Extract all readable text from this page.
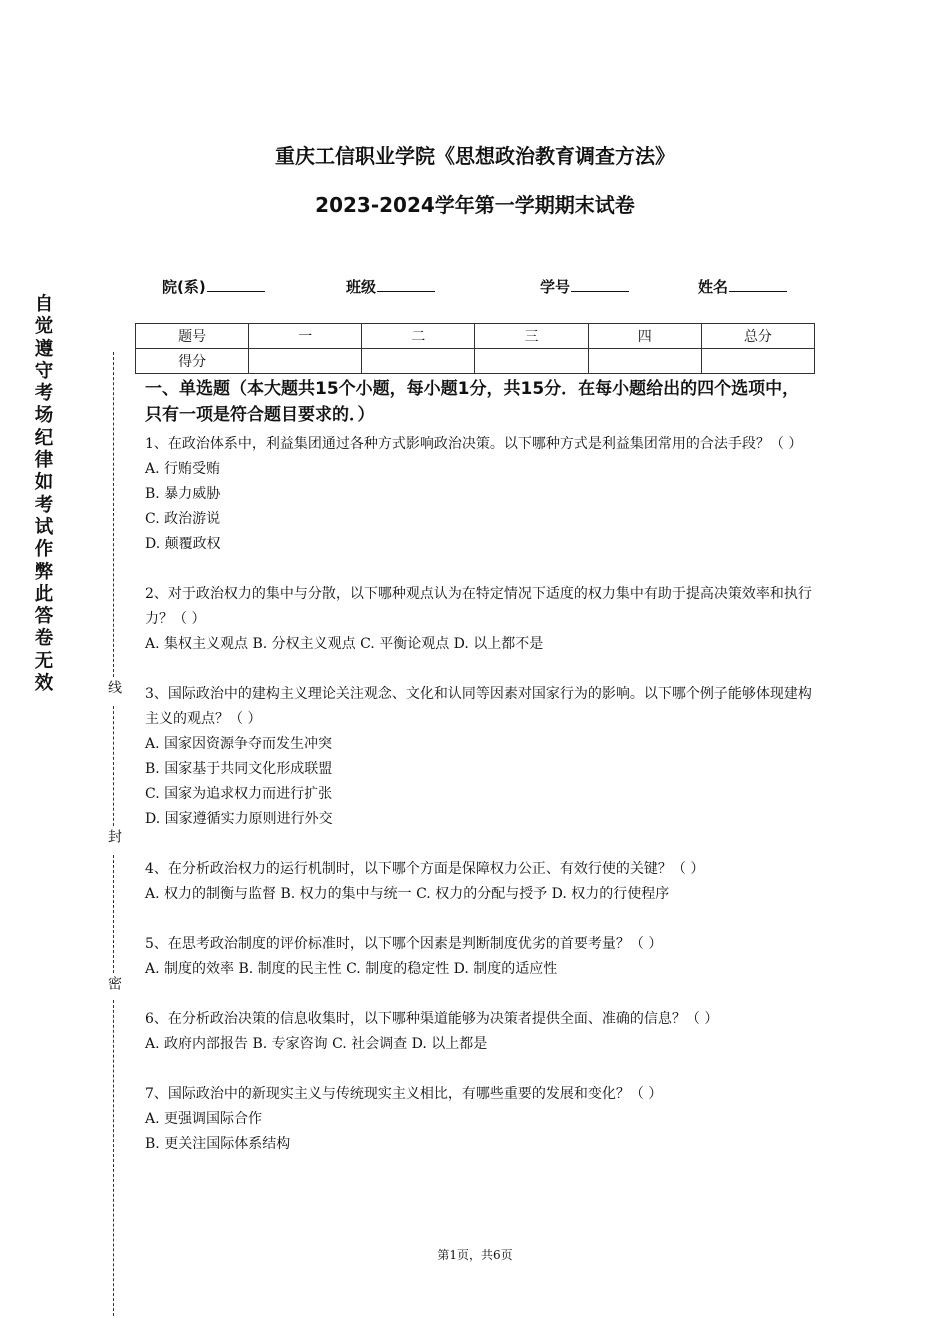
重庆工信职业学院《思想政治教育调查方法》
2023-2024学年第一学期期末试卷
院(系)	班级	学号	姓名
题号	一	二	三	四	总分
得分					
自觉遵守考场纪律如考试作弊此答卷无效	线
封
密
一、单选题（本大题共15个小题，每小题1分，共15分．在每小题给出的四个选项中，只有一项是符合题目要求的．）

1、在政治体系中，利益集团通过各种方式影响政治决策。以下哪种方式是利益集团常用的合法手段？（ ）

A. 行贿受贿

B. 暴力威胁

C. 政治游说

D. 颠覆政权

2、对于政治权力的集中与分散，以下哪种观点认为在特定情况下适度的权力集中有助于提高决策效率和执行力？（ ）

A. 集权主义观点 B. 分权主义观点 C. 平衡论观点 D. 以上都不是

3、国际政治中的建构主义理论关注观念、文化和认同等因素对国家行为的影响。以下哪个例子能够体现建构主义的观点？（ ）

A. 国家因资源争夺而发生冲突

B. 国家基于共同文化形成联盟

C. 国家为追求权力而进行扩张

D. 国家遵循实力原则进行外交

4、在分析政治权力的运行机制时，以下哪个方面是保障权力公正、有效行使的关键？（ ）

A. 权力的制衡与监督 B. 权力的集中与统一 C. 权力的分配与授予 D. 权力的行使程序

5、在思考政治制度的评价标准时，以下哪个因素是判断制度优劣的首要考量？（ ）

A. 制度的效率 B. 制度的民主性 C. 制度的稳定性 D. 制度的适应性

6、在分析政治决策的信息收集时，以下哪种渠道能够为决策者提供全面、准确的信息？（ ）

A. 政府内部报告 B. 专家咨询 C. 社会调查 D. 以上都是

7、国际政治中的新现实主义与传统现实主义相比，有哪些重要的发展和变化？（ ）

A. 更强调国际合作

B. 更关注国际体系结构

第1页，共6页
